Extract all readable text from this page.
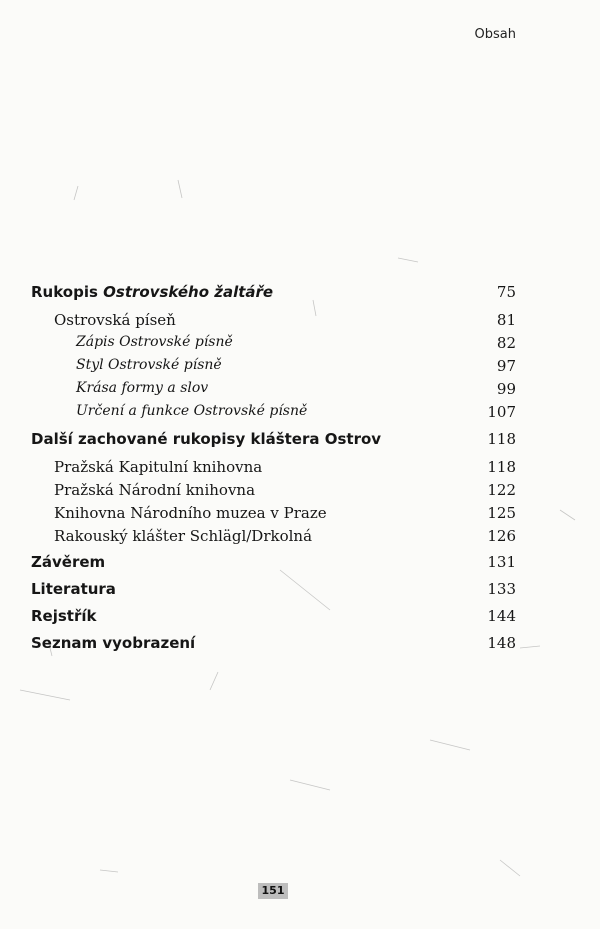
Obsah
Rukopis Ostrovského žaltáře	75
Ostrovská píseň	81
Zápis Ostrovské písně	82
Styl Ostrovské písně	97
Krása formy a slov	99
Určení a funkce Ostrovské písně	107
Další zachované rukopisy kláštera Ostrov	118
Pražská Kapitulní knihovna	118
Pražská Národní knihovna	122
Knihovna Národního muzea v Praze	125
Rakouský klášter Schlägl/Drkolná	126
Závěrem	131
Literatura	133
Rejstřík	144
Seznam vyobrazení	148
151
